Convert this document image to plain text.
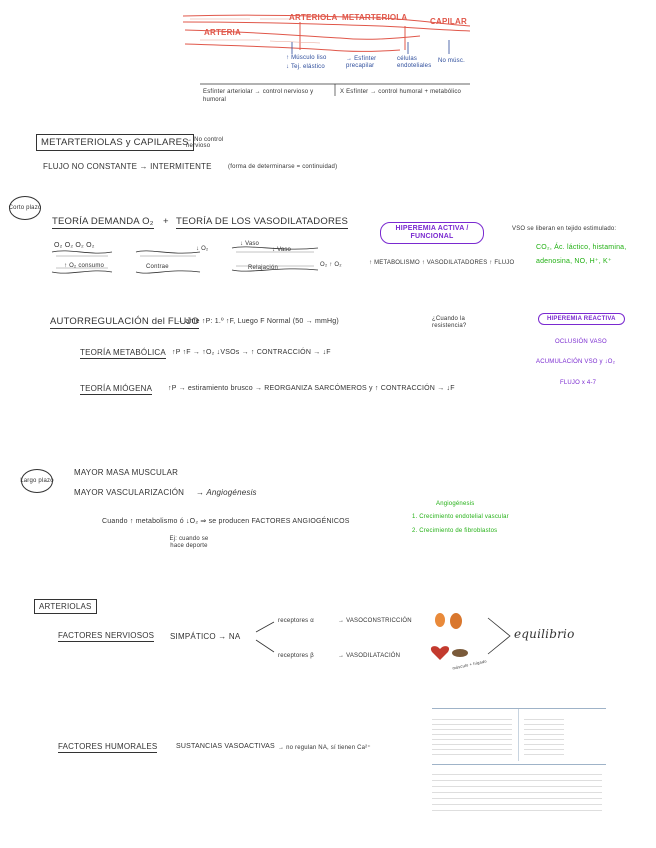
ARTERIOLA METARTERIOLA	CAPILAR
ARTERIA
↑ Músculo liso
↓ Tej. elástico
→ Esfínter precapilar
células endoteliales
No músc.
Esfínter arteriolar → control nervioso y humoral
X Esfínter → control humoral + metabólico
METARTERIOLAS y CAPILARES
→ No control nervioso
FLUJO NO CONSTANTE → INTERMITENTE	(forma de determinarse = continuidad)
Corto plazo
TEORÍA DEMANDA O₂ + TEORÍA DE LOS VASODILATADORES
O₂ O₂ O₂ O₂
↑ O₂ consumo
↓ O₂
Contrae
↓ Vaso
↓ Vaso
Relajación	O₂ ↑ O₂
HIPEREMIA ACTIVA / FUNCIONAL
↑ METABOLISMO ↑ VASODILATADORES ↑ FLUJO
VSO se liberan en tejido estimulado:
CO₂, Ác. láctico, histamina,
adenosina, NO, H⁺, K⁺
AUTORREGULACIÓN del FLUJO
→ ante ↑P: 1.º ↑F, Luego F Normal (50 → mmHg)	¿Cuando la resistencia?
HIPEREMIA REACTIVA
OCLUSIÓN VASO
ACUMULACIÓN VSO y ↓O₂
FLUJO x 4-7
TEORÍA METABÓLICA ↑P ↑F → ↑O₂ ↓VSOs → ↑ CONTRACCIÓN → ↓F
TEORÍA MIÓGENA ↑P → estiramiento brusco → REORGANIZA SARCÓMEROS y ↑ CONTRACCIÓN → ↓F
Largo plazo
MAYOR MASA MUSCULAR
MAYOR VASCULARIZACIÓN → Angiogénesis
Cuando ↑ metabolismo ó ↓O₂ ⇒ se producen FACTORES ANGIOGÉNICOS
Ej: cuando se hace deporte
Angiogénesis
1. Crecimiento endotelial vascular
2. Crecimiento de fibroblastos
ARTERIOLAS
FACTORES NERVIOSOS SIMPÁTICO → NA
receptores α	→ VASOCONSTRICCIÓN
receptores β	→ VASODILATACIÓN
músculo + hígado
equilibrio
FACTORES HUMORALES	SUSTANCIAS VASOACTIVAS → no regulan NA, sí tienen Ca²⁺
